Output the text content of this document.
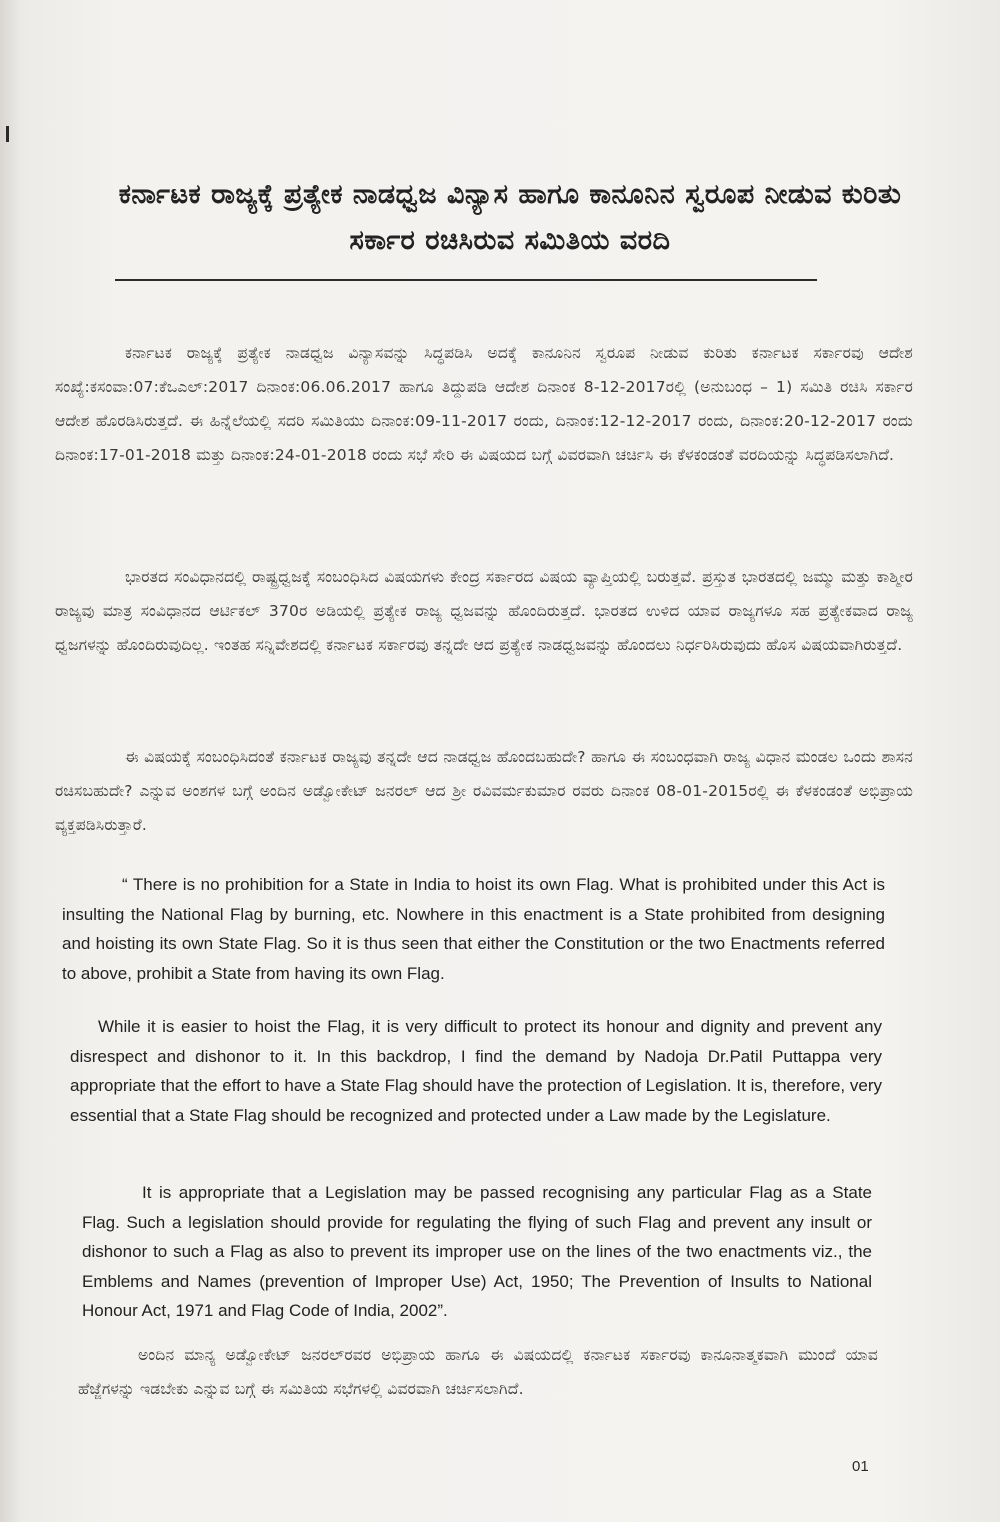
ಕರ್ನಾಟಕ ರಾಜ್ಯಕ್ಕೆ ಪ್ರತ್ಯೇಕ ನಾಡಧ್ವಜ ವಿನ್ಯಾಸ ಹಾಗೂ ಕಾನೂನಿನ ಸ್ವರೂಪ ನೀಡುವ ಕುರಿತು ಸರ್ಕಾರ ರಚಿಸಿರುವ ಸಮಿತಿಯ ವರದಿ

ಕರ್ನಾಟಕ ರಾಜ್ಯಕ್ಕೆ ಪ್ರತ್ಯೇಕ ನಾಡಧ್ವಜ ವಿನ್ಯಾಸವನ್ನು ಸಿದ್ಧಪಡಿಸಿ ಅದಕ್ಕೆ ಕಾನೂನಿನ ಸ್ವರೂಪ ನೀಡುವ ಕುರಿತು ಕರ್ನಾಟಕ ಸರ್ಕಾರವು ಆದೇಶ ಸಂಖ್ಯೆ:ಕಸಂವಾ:07:ಕೆಒಎಲ್:2017 ದಿನಾಂಕ:06.06.2017 ಹಾಗೂ ತಿದ್ದುಪಡಿ ಆದೇಶ ದಿನಾಂಕ 8-12-2017ರಲ್ಲಿ (ಅನುಬಂಧ – 1) ಸಮಿತಿ ರಚಿಸಿ ಸರ್ಕಾರ ಆದೇಶ ಹೊರಡಿಸಿರುತ್ತದೆ. ಈ ಹಿನ್ನೆಲೆಯಲ್ಲಿ ಸದರಿ ಸಮಿತಿಯು ದಿನಾಂಕ:09-11-2017 ರಂದು, ದಿನಾಂಕ:12-12-2017 ರಂದು, ದಿನಾಂಕ:20-12-2017 ರಂದು ದಿನಾಂಕ:17-01-2018 ಮತ್ತು ದಿನಾಂಕ:24-01-2018 ರಂದು ಸಭೆ ಸೇರಿ ಈ ವಿಷಯದ ಬಗ್ಗೆ ವಿವರವಾಗಿ ಚರ್ಚಿಸಿ ಈ ಕೆಳಕಂಡಂತೆ ವರದಿಯನ್ನು ಸಿದ್ಧಪಡಿಸಲಾಗಿದೆ.

ಭಾರತದ ಸಂವಿಧಾನದಲ್ಲಿ ರಾಷ್ಟ್ರಧ್ವಜಕ್ಕೆ ಸಂಬಂಧಿಸಿದ ವಿಷಯಗಳು ಕೇಂದ್ರ ಸರ್ಕಾರದ ವಿಷಯ ವ್ಯಾಪ್ತಿಯಲ್ಲಿ ಬರುತ್ತವೆ. ಪ್ರಸ್ತುತ ಭಾರತದಲ್ಲಿ ಜಮ್ಮು ಮತ್ತು ಕಾಶ್ಮೀರ ರಾಜ್ಯವು ಮಾತ್ರ ಸಂವಿಧಾನದ ಆರ್ಟಿಕಲ್ 370ರ ಅಡಿಯಲ್ಲಿ ಪ್ರತ್ಯೇಕ ರಾಜ್ಯ ಧ್ವಜವನ್ನು ಹೊಂದಿರುತ್ತದೆ. ಭಾರತದ ಉಳಿದ ಯಾವ ರಾಜ್ಯಗಳೂ ಸಹ ಪ್ರತ್ಯೇಕವಾದ ರಾಜ್ಯ ಧ್ವಜಗಳನ್ನು ಹೊಂದಿರುವುದಿಲ್ಲ. ಇಂತಹ ಸನ್ನಿವೇಶದಲ್ಲಿ ಕರ್ನಾಟಕ ಸರ್ಕಾರವು ತನ್ನದೇ ಆದ ಪ್ರತ್ಯೇಕ ನಾಡಧ್ವಜವನ್ನು ಹೊಂದಲು ನಿರ್ಧರಿಸಿರುವುದು ಹೊಸ ವಿಷಯವಾಗಿರುತ್ತದೆ.

ಈ ವಿಷಯಕ್ಕೆ ಸಂಬಂಧಿಸಿದಂತೆ ಕರ್ನಾಟಕ ರಾಜ್ಯವು ತನ್ನದೇ ಆದ ನಾಡಧ್ವಜ ಹೊಂದಬಹುದೇ? ಹಾಗೂ ಈ ಸಂಬಂಧವಾಗಿ ರಾಜ್ಯ ವಿಧಾನ ಮಂಡಲ ಒಂದು ಶಾಸನ ರಚಿಸಬಹುದೇ? ಎನ್ನುವ ಅಂಶಗಳ ಬಗ್ಗೆ ಅಂದಿನ ಅಡ್ವೋಕೇಟ್ ಜನರಲ್ ಆದ ಶ್ರೀ ರವಿವರ್ಮಕುಮಾರ ರವರು ದಿನಾಂಕ 08-01-2015ರಲ್ಲಿ ಈ ಕೆಳಕಂಡಂತೆ ಅಭಿಪ್ರಾಯ ವ್ಯಕ್ತಪಡಿಸಿರುತ್ತಾರೆ.

“ There is no prohibition for a State in India to hoist its own Flag. What is prohibited under this Act is insulting the National Flag by burning, etc. Nowhere in this enactment is a State prohibited from designing and hoisting its own State Flag. So it is thus seen that either the Constitution or the two Enactments referred to above, prohibit a State from having its own Flag.

While it is easier to hoist the Flag, it is very difficult to protect its honour and dignity and prevent any disrespect and dishonor to it. In this backdrop, I find the demand by Nadoja Dr.Patil Puttappa very appropriate that the effort to have a State Flag should have the protection of Legislation. It is, therefore, very essential that a State Flag should be recognized and protected under a Law made by the Legislature.

It is appropriate that a Legislation may be passed recognising any particular Flag as a State Flag. Such a legislation should provide for regulating the flying of such Flag and prevent any insult or dishonor to such a Flag as also to prevent its improper use on the lines of the two enactments viz., the Emblems and Names (prevention of Improper Use) Act, 1950; The Prevention of Insults to National Honour Act, 1971 and Flag Code of India, 2002”.

ಅಂದಿನ ಮಾನ್ಯ ಅಡ್ವೋಕೇಟ್ ಜನರಲ್‌ರವರ ಅಭಿಪ್ರಾಯ ಹಾಗೂ ಈ ವಿಷಯದಲ್ಲಿ ಕರ್ನಾಟಕ ಸರ್ಕಾರವು ಕಾನೂನಾತ್ಮಕವಾಗಿ ಮುಂದೆ ಯಾವ ಹೆಜ್ಜೆಗಳನ್ನು ಇಡಬೇಕು ಎನ್ನುವ ಬಗ್ಗೆ ಈ ಸಮಿತಿಯ ಸಭೆಗಳಲ್ಲಿ ವಿವರವಾಗಿ ಚರ್ಚಿಸಲಾಗಿದೆ.

01
